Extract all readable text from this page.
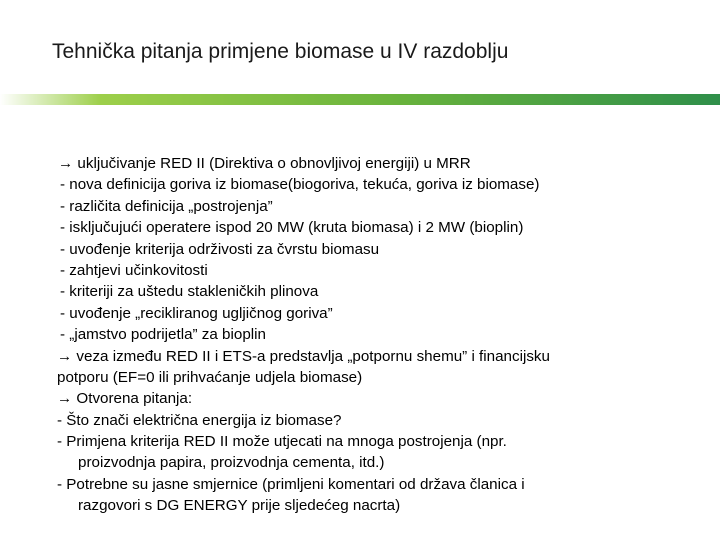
Tehnička pitanja primjene biomase u IV razdoblju
→ uključivanje RED II (Direktiva o obnovljivoj energiji) u MRR
- nova definicija goriva iz biomase(biogoriva, tekuća, goriva iz biomase)
- različita definicija „postrojenja”
- isključujući operatere ispod 20 MW (kruta biomasa) i 2 MW (bioplin)
- uvođenje kriterija održivosti za čvrstu biomasu
- zahtjevi učinkovitosti
- kriteriji za uštedu stakleničkih plinova
- uvođenje „recikliranog ugljičnog goriva”
- „jamstvo podrijetla” za bioplin
→ veza između RED II i ETS-a predstavlja „potpornu shemu” i financijsku
potporu (EF=0 ili prihvaćanje udjela biomase)
→ Otvorena pitanja:
- Što znači električna energija iz biomase?
- Primjena kriterija RED II može utjecati na mnoga postrojenja (npr.
proizvodnja papira, proizvodnja cementa, itd.)
- Potrebne su jasne smjernice (primljeni komentari od država članica i
razgovori s DG ENERGY prije sljedećeg nacrta)
